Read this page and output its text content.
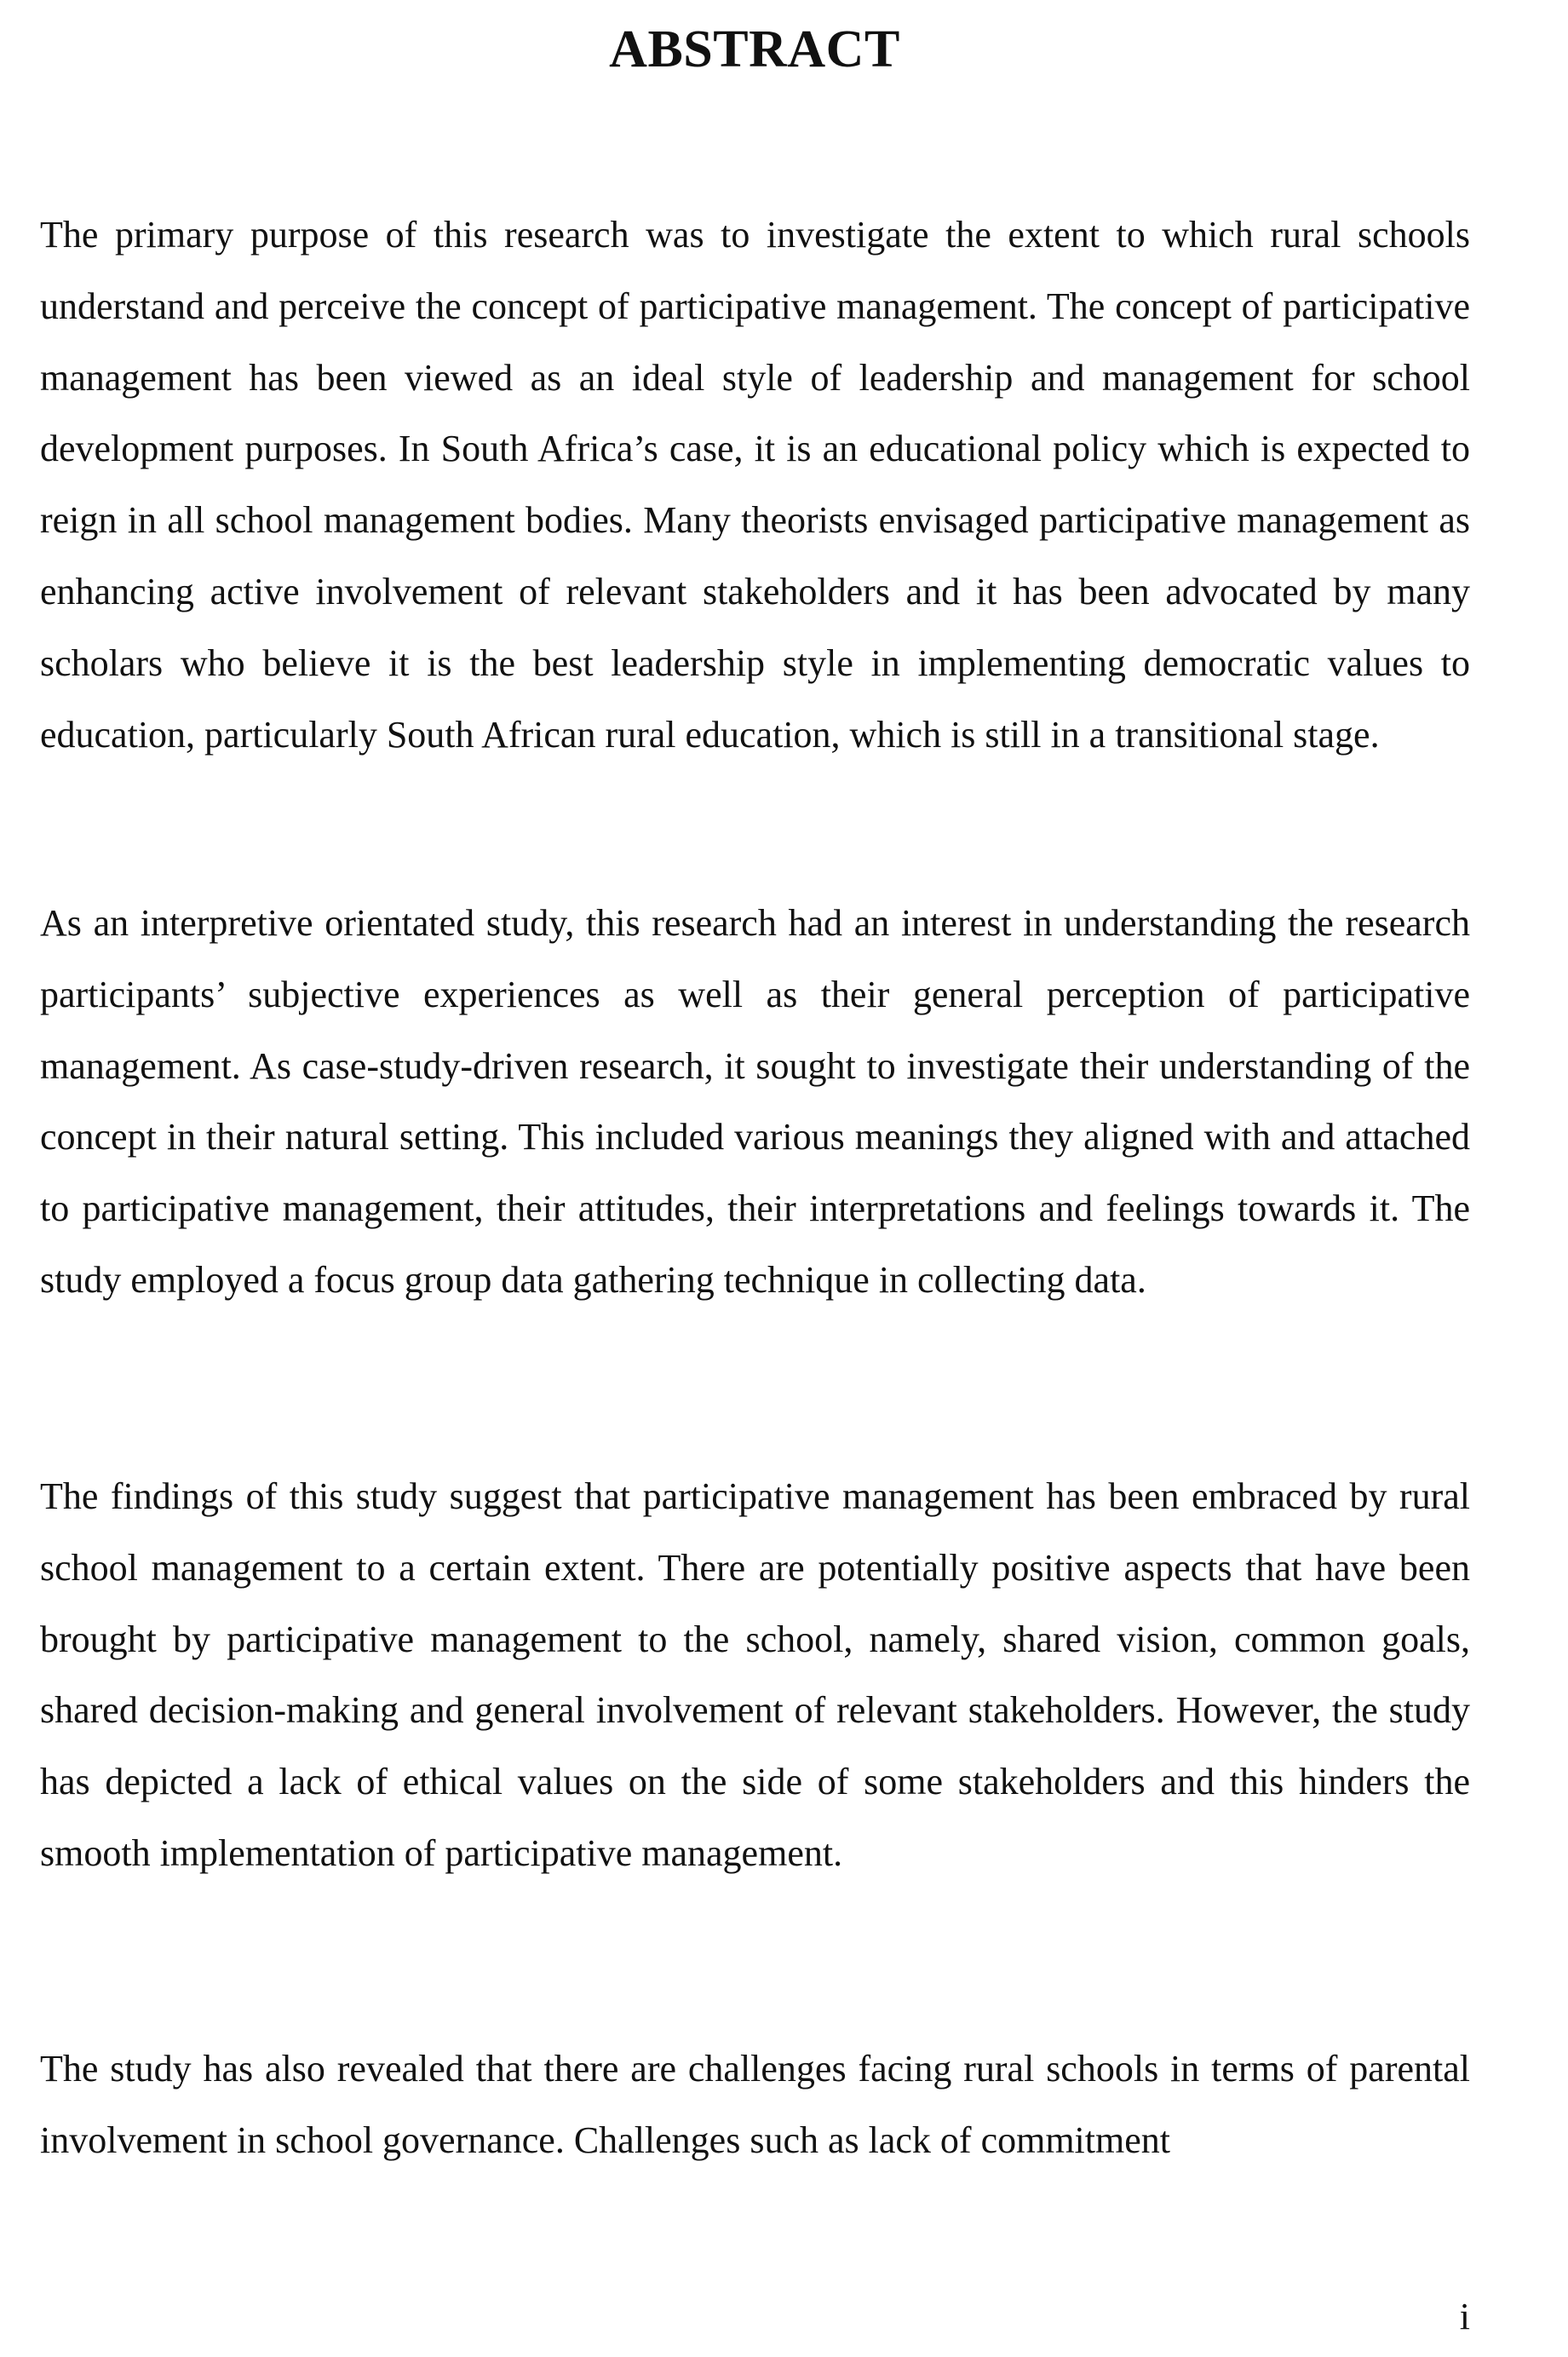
ABSTRACT

The primary purpose of this research was to investigate the extent to which rural schools understand and perceive the concept of participative management. The concept of participative management has been viewed as an ideal style of leadership and management for school development purposes. In South Africa’s case, it is an educational policy which is expected to reign in all school management bodies. Many theorists envisaged participative management as enhancing active involvement of relevant stakeholders and it has been advocated by many scholars who believe it is the best leadership style in implementing democratic values to education, particularly South African rural education, which is still in a transitional stage.

As an interpretive orientated study, this research had an interest in understanding the research participants’ subjective experiences as well as their general perception of participative management. As case-study-driven research, it sought to investigate their understanding of the concept in their natural setting. This included various meanings they aligned with and attached to participative management, their attitudes, their interpretations and feelings towards it. The study employed a focus group data gathering technique in collecting data.

The findings of this study suggest that participative management has been embraced by rural school management to a certain extent. There are potentially positive aspects that have been brought by participative management to the school, namely, shared vision, common goals, shared decision-making and general involvement of relevant stakeholders. However, the study has depicted a lack of ethical values on the side of some stakeholders and this hinders the smooth implementation of participative management.

The study has also revealed that there are challenges facing rural schools in terms of parental involvement in school governance. Challenges such as lack of commitment

i
